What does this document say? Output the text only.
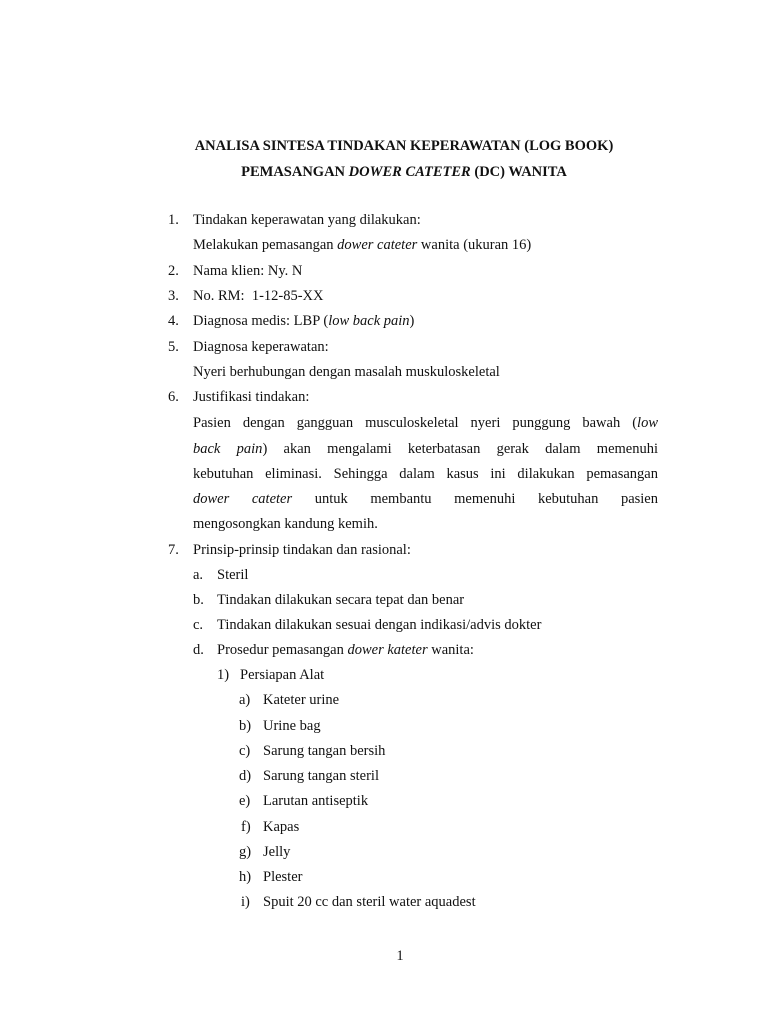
ANALISA SINTESA TINDAKAN KEPERAWATAN (LOG BOOK)
PEMASANGAN DOWER CATETER (DC) WANITA
1. Tindakan keperawatan yang dilakukan:
Melakukan pemasangan dower cateter wanita (ukuran 16)
2. Nama klien: Ny. N
3. No. RM:  1-12-85-XX
4. Diagnosa medis: LBP (low back pain)
5. Diagnosa keperawatan:
Nyeri berhubungan dengan masalah muskuloskeletal
6. Justifikasi tindakan:
Pasien dengan gangguan musculoskeletal nyeri punggung bawah (low
back pain) akan mengalami keterbatasan gerak dalam memenuhi
kebutuhan eliminasi. Sehingga dalam kasus ini dilakukan pemasangan
dower cateter untuk membantu memenuhi kebutuhan pasien
mengosongkan kandung kemih.
7. Prinsip-prinsip tindakan dan rasional:
a. Steril
b. Tindakan dilakukan secara tepat dan benar
c. Tindakan dilakukan sesuai dengan indikasi/advis dokter
d. Prosedur pemasangan dower kateter wanita:
1) Persiapan Alat
a) Kateter urine
b) Urine bag
c) Sarung tangan bersih
d) Sarung tangan steril
e) Larutan antiseptik
f) Kapas
g) Jelly
h) Plester
i) Spuit 20 cc dan steril water aquadest
1
